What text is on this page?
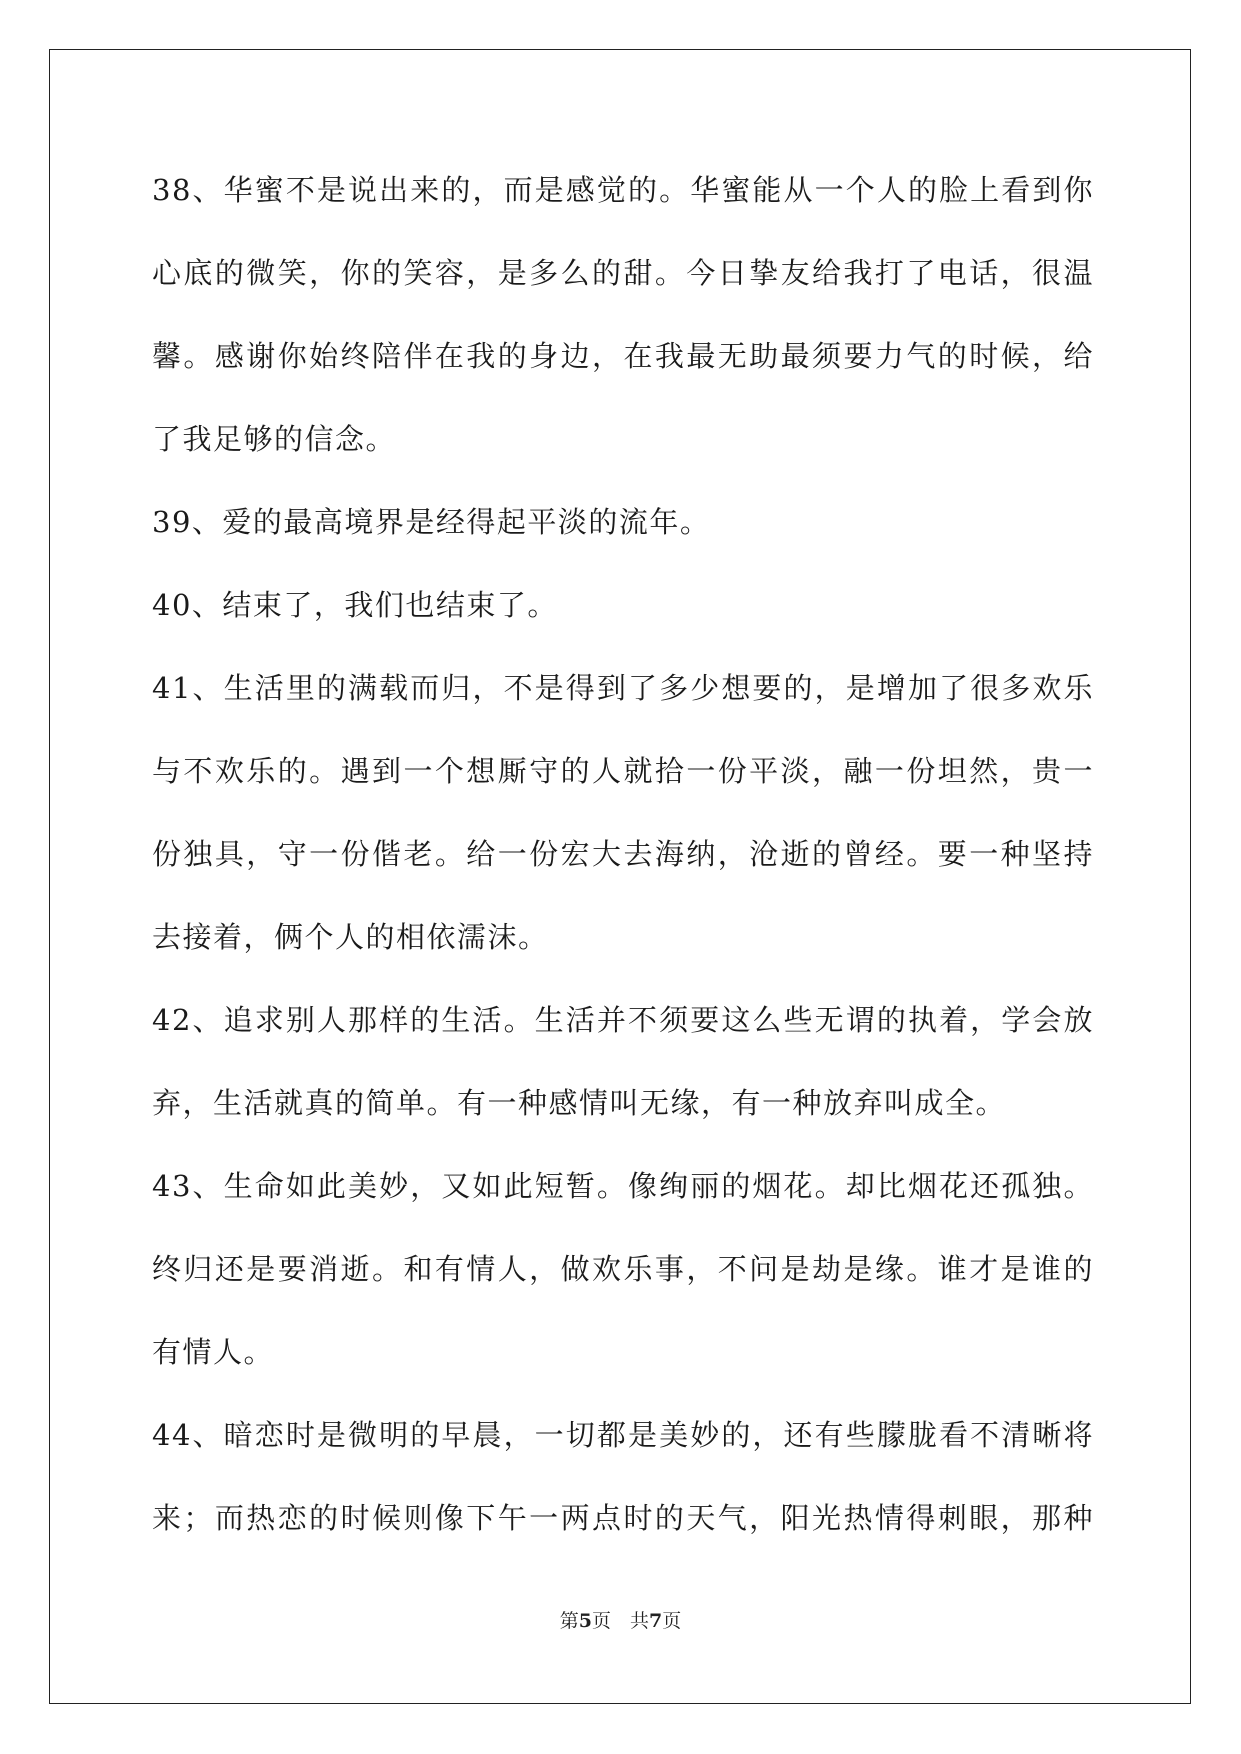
38、华蜜不是说出来的，而是感觉的。华蜜能从一个人的脸上看到你
心底的微笑，你的笑容，是多么的甜。今日挚友给我打了电话，很温
馨。感谢你始终陪伴在我的身边，在我最无助最须要力气的时候，给
了我足够的信念。
39、爱的最高境界是经得起平淡的流年。
40、结束了，我们也结束了。
41、生活里的满载而归，不是得到了多少想要的，是增加了很多欢乐
与不欢乐的。遇到一个想厮守的人就拾一份平淡，融一份坦然，贵一
份独具，守一份偕老。给一份宏大去海纳，沧逝的曾经。要一种坚持
去接着，俩个人的相依濡沫。
42、追求别人那样的生活。生活并不须要这么些无谓的执着，学会放
弃，生活就真的简单。有一种感情叫无缘，有一种放弃叫成全。
43、生命如此美妙，又如此短暂。像绚丽的烟花。却比烟花还孤独。
终归还是要消逝。和有情人，做欢乐事，不问是劫是缘。谁才是谁的
有情人。
44、暗恋时是微明的早晨，一切都是美妙的，还有些朦胧看不清晰将
来；而热恋的时候则像下午一两点时的天气，阳光热情得刺眼，那种
第5页　共7页
